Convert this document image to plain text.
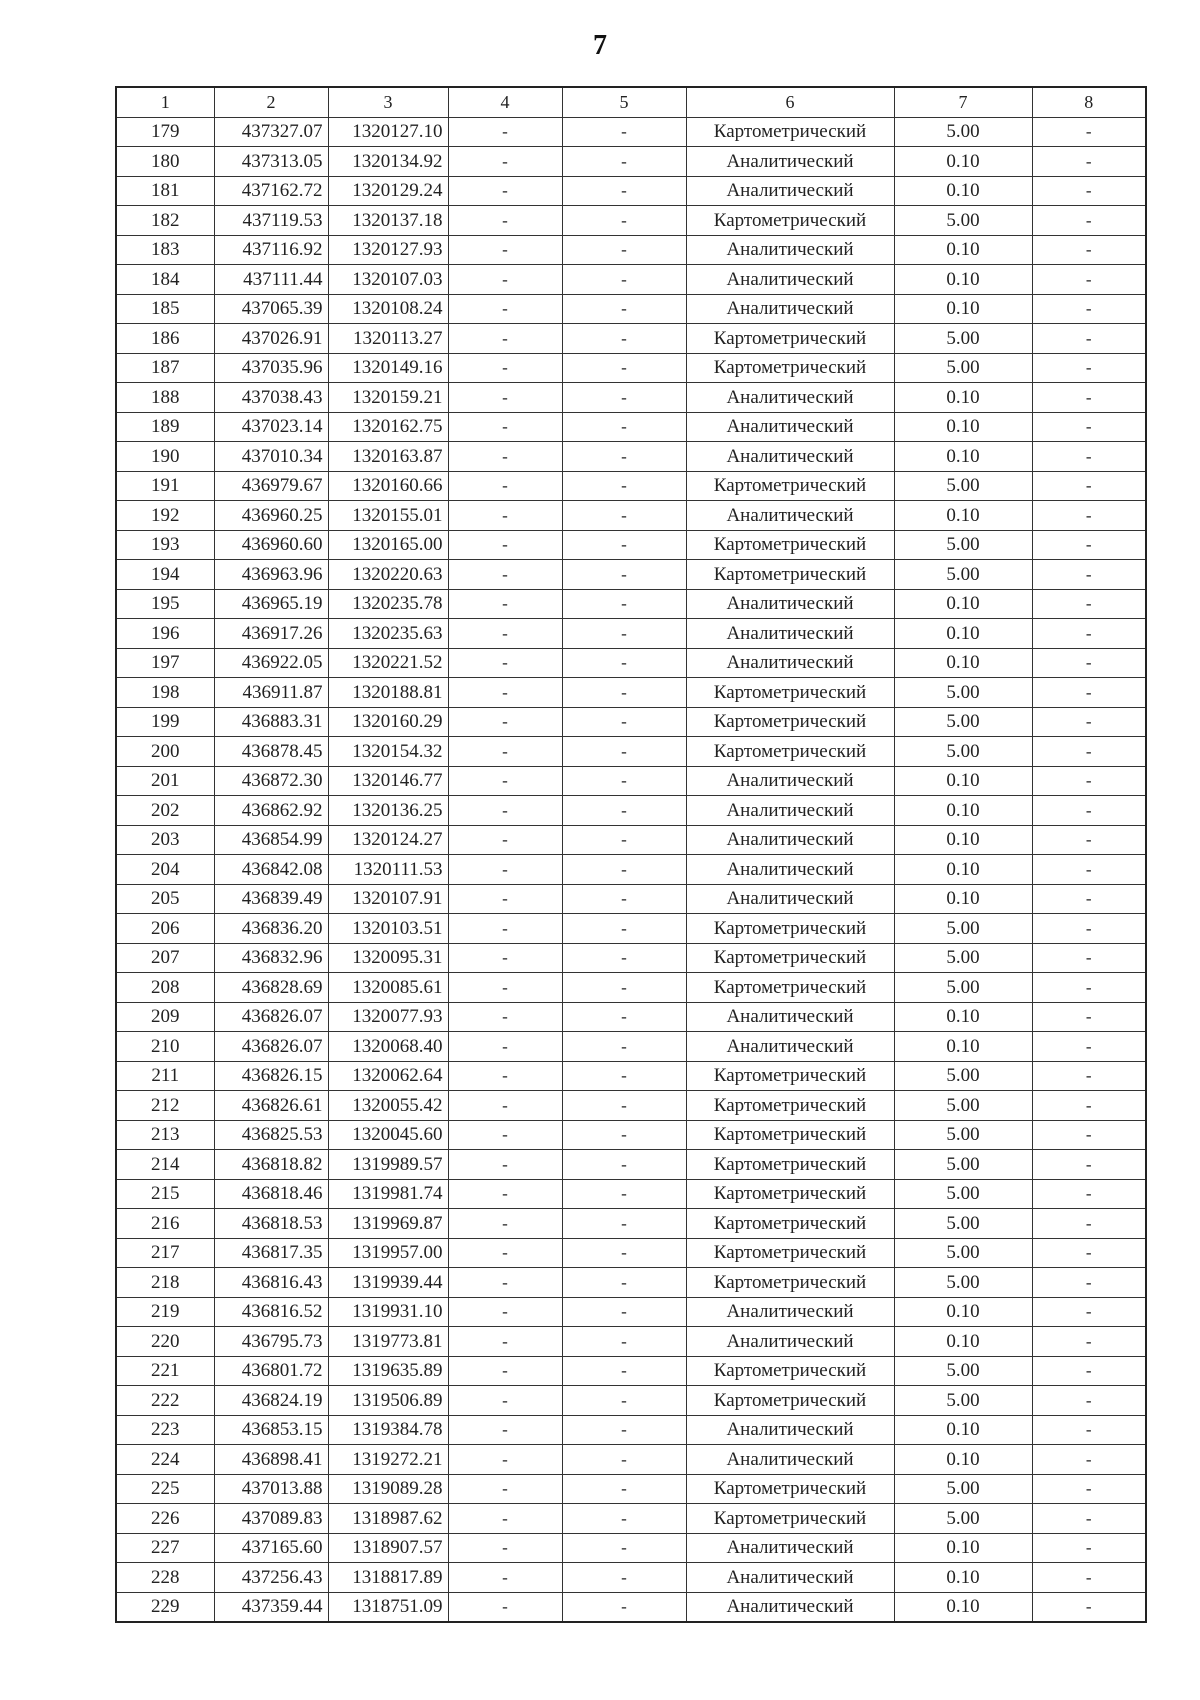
7
1	2	3	4	5	6	7	8
179	437327.07	1320127.10	-	-	Картометрический	5.00	-
180	437313.05	1320134.92	-	-	Аналитический	0.10	-
181	437162.72	1320129.24	-	-	Аналитический	0.10	-
182	437119.53	1320137.18	-	-	Картометрический	5.00	-
183	437116.92	1320127.93	-	-	Аналитический	0.10	-
184	437111.44	1320107.03	-	-	Аналитический	0.10	-
185	437065.39	1320108.24	-	-	Аналитический	0.10	-
186	437026.91	1320113.27	-	-	Картометрический	5.00	-
187	437035.96	1320149.16	-	-	Картометрический	5.00	-
188	437038.43	1320159.21	-	-	Аналитический	0.10	-
189	437023.14	1320162.75	-	-	Аналитический	0.10	-
190	437010.34	1320163.87	-	-	Аналитический	0.10	-
191	436979.67	1320160.66	-	-	Картометрический	5.00	-
192	436960.25	1320155.01	-	-	Аналитический	0.10	-
193	436960.60	1320165.00	-	-	Картометрический	5.00	-
194	436963.96	1320220.63	-	-	Картометрический	5.00	-
195	436965.19	1320235.78	-	-	Аналитический	0.10	-
196	436917.26	1320235.63	-	-	Аналитический	0.10	-
197	436922.05	1320221.52	-	-	Аналитический	0.10	-
198	436911.87	1320188.81	-	-	Картометрический	5.00	-
199	436883.31	1320160.29	-	-	Картометрический	5.00	-
200	436878.45	1320154.32	-	-	Картометрический	5.00	-
201	436872.30	1320146.77	-	-	Аналитический	0.10	-
202	436862.92	1320136.25	-	-	Аналитический	0.10	-
203	436854.99	1320124.27	-	-	Аналитический	0.10	-
204	436842.08	1320111.53	-	-	Аналитический	0.10	-
205	436839.49	1320107.91	-	-	Аналитический	0.10	-
206	436836.20	1320103.51	-	-	Картометрический	5.00	-
207	436832.96	1320095.31	-	-	Картометрический	5.00	-
208	436828.69	1320085.61	-	-	Картометрический	5.00	-
209	436826.07	1320077.93	-	-	Аналитический	0.10	-
210	436826.07	1320068.40	-	-	Аналитический	0.10	-
211	436826.15	1320062.64	-	-	Картометрический	5.00	-
212	436826.61	1320055.42	-	-	Картометрический	5.00	-
213	436825.53	1320045.60	-	-	Картометрический	5.00	-
214	436818.82	1319989.57	-	-	Картометрический	5.00	-
215	436818.46	1319981.74	-	-	Картометрический	5.00	-
216	436818.53	1319969.87	-	-	Картометрический	5.00	-
217	436817.35	1319957.00	-	-	Картометрический	5.00	-
218	436816.43	1319939.44	-	-	Картометрический	5.00	-
219	436816.52	1319931.10	-	-	Аналитический	0.10	-
220	436795.73	1319773.81	-	-	Аналитический	0.10	-
221	436801.72	1319635.89	-	-	Картометрический	5.00	-
222	436824.19	1319506.89	-	-	Картометрический	5.00	-
223	436853.15	1319384.78	-	-	Аналитический	0.10	-
224	436898.41	1319272.21	-	-	Аналитический	0.10	-
225	437013.88	1319089.28	-	-	Картометрический	5.00	-
226	437089.83	1318987.62	-	-	Картометрический	5.00	-
227	437165.60	1318907.57	-	-	Аналитический	0.10	-
228	437256.43	1318817.89	-	-	Аналитический	0.10	-
229	437359.44	1318751.09	-	-	Аналитический	0.10	-
